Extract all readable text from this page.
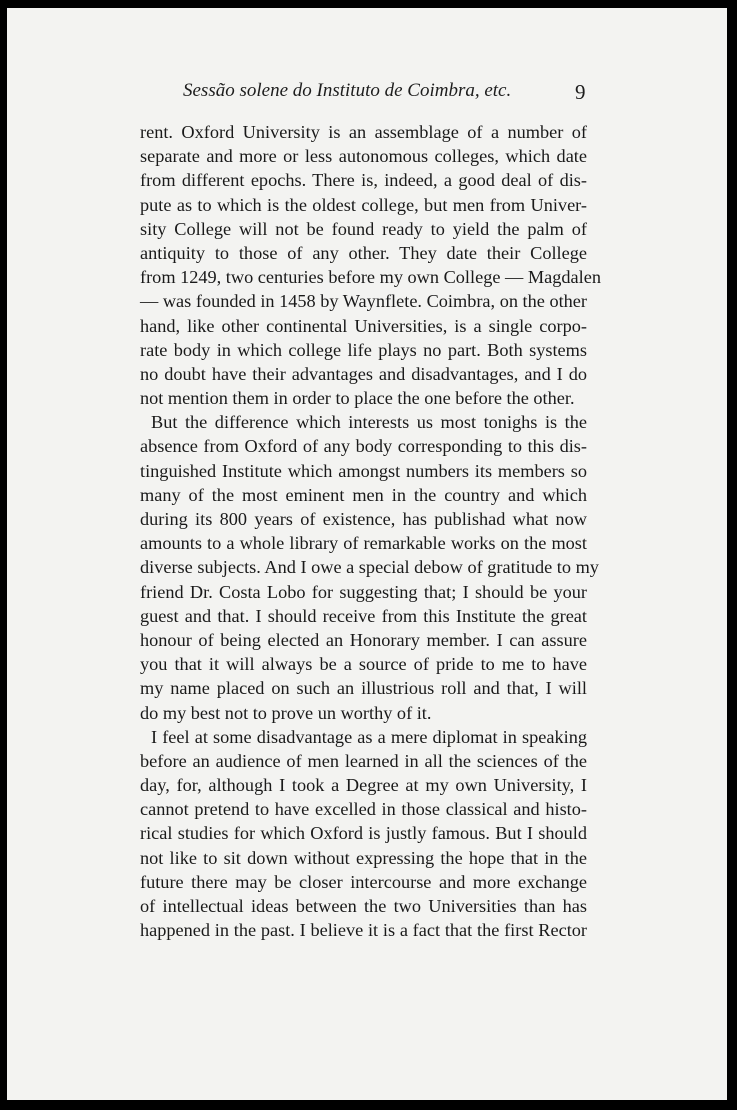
Sessão solene do Instituto de Coimbra, etc.	9
rent. Oxford University is an assemblage of a number of
separate and more or less autonomous colleges, which date
from different epochs. There is, indeed, a good deal of dis-
pute as to which is the oldest college, but men from Univer-
sity College will not be found ready to yield the palm of
antiquity to those of any other. They date their College
from 1249, two centuries before my own College — Magdalen
— was founded in 1458 by Waynflete. Coimbra, on the other
hand, like other continental Universities, is a single corpo-
rate body in which college life plays no part. Both systems
no doubt have their advantages and disadvantages, and I do
not mention them in order to place the one before the other.
But the difference which interests us most tonighs is the
absence from Oxford of any body corresponding to this dis-
tinguished Institute which amongst numbers its members so
many of the most eminent men in the country and which
during its 800 years of existence, has publishad what now
amounts to a whole library of remarkable works on the most
diverse subjects. And I owe a special debow of gratitude to my
friend Dr. Costa Lobo for suggesting that; I should be your
guest and that. I should receive from this Institute the great
honour of being elected an Honorary member. I can assure
you that it will always be a source of pride to me to have
my name placed on such an illustrious roll and that, I will
do my best not to prove un worthy of it.
I feel at some disadvantage as a mere diplomat in speaking
before an audience of men learned in all the sciences of the
day, for, although I took a Degree at my own University, I
cannot pretend to have excelled in those classical and histo-
rical studies for which Oxford is justly famous. But I should
not like to sit down without expressing the hope that in the
future there may be closer intercourse and more exchange
of intellectual ideas between the two Universities than has
happened in the past. I believe it is a fact that the first Rector
